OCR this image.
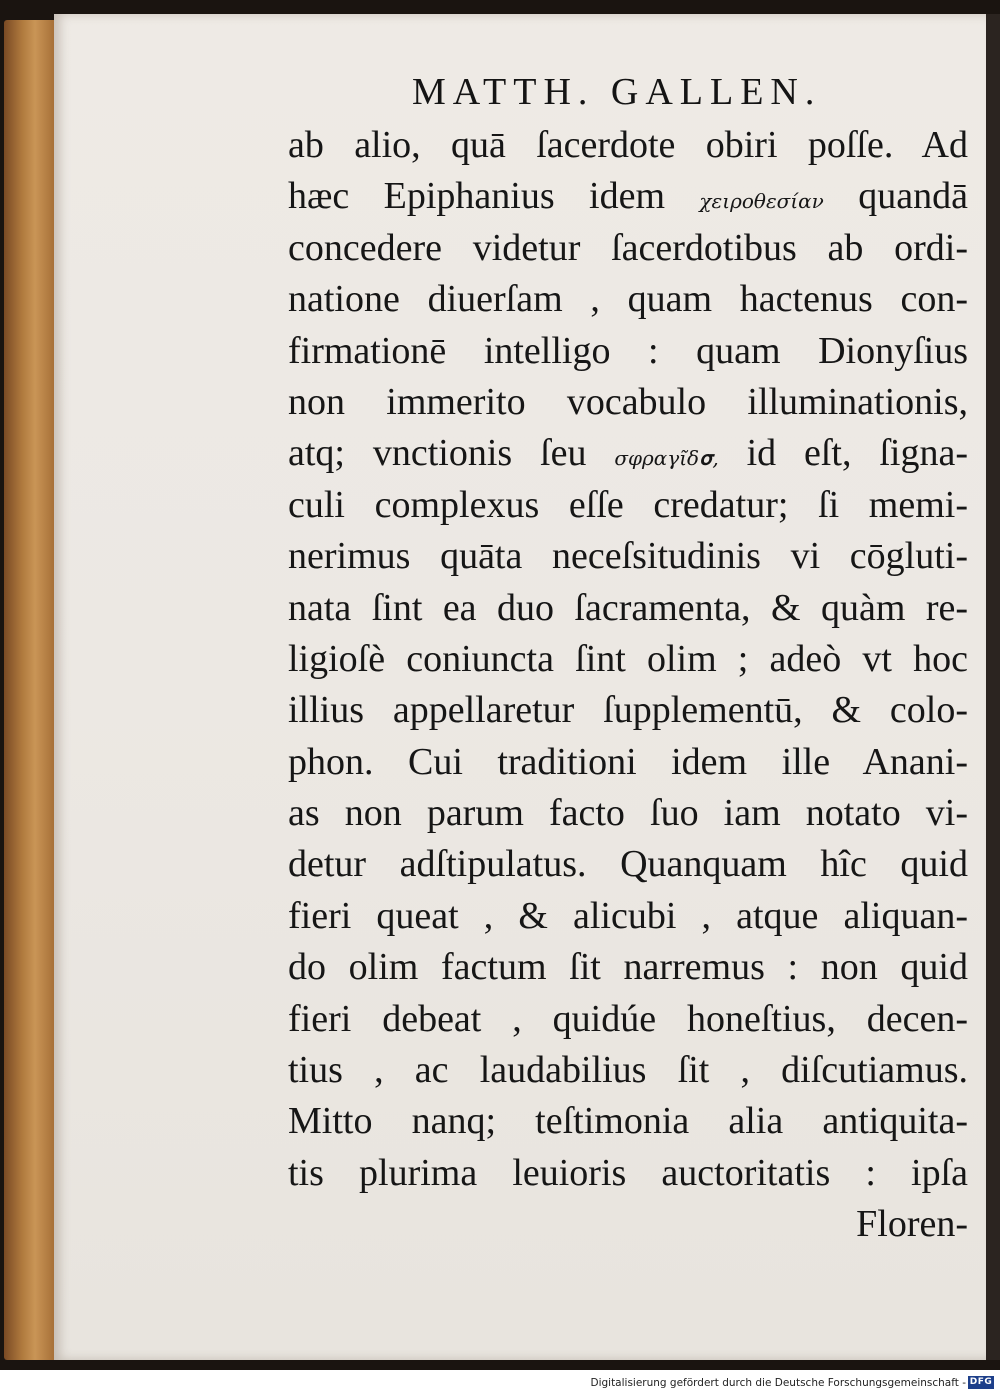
MATTH. GALLEN.
ab alio, quā ſacerdote obiri poſſe. Ad
hæc Epiphanius idem χειροθεσίαν quandā
concedere videtur ſacerdotibus ab ordi-
natione diuerſam , quam hactenus con-
firmationē intelligo : quam Dionyſius
non immerito vocabulo illuminationis,
atq; vnctionis ſeu σφραγῖδ𝛔, id eſt, ſigna-
culi complexus eſſe credatur; ſi memi-
nerimus quāta neceſsitudinis vi cōgluti-
nata ſint ea duo ſacramenta, & quàm re-
ligioſè coniuncta ſint olim ; adeò vt hoc
illius appellaretur ſupplementū, & colo-
phon. Cui traditioni idem ille Anani-
as non parum facto ſuo iam notato vi-
detur adſtipulatus. Quanquam hîc quid
fieri queat , & alicubi , atque aliquan-
do olim factum ſit narremus : non quid
fieri debeat , quidúe honeſtius, decen-
tius , ac laudabilius ſit , diſcutiamus.
Mitto nanq; teſtimonia alia antiquita-
tis plurima leuioris auctoritatis : ipſa
Floren-
Digitalisierung gefördert durch die Deutsche Forschungsgemeinschaft - DFG
